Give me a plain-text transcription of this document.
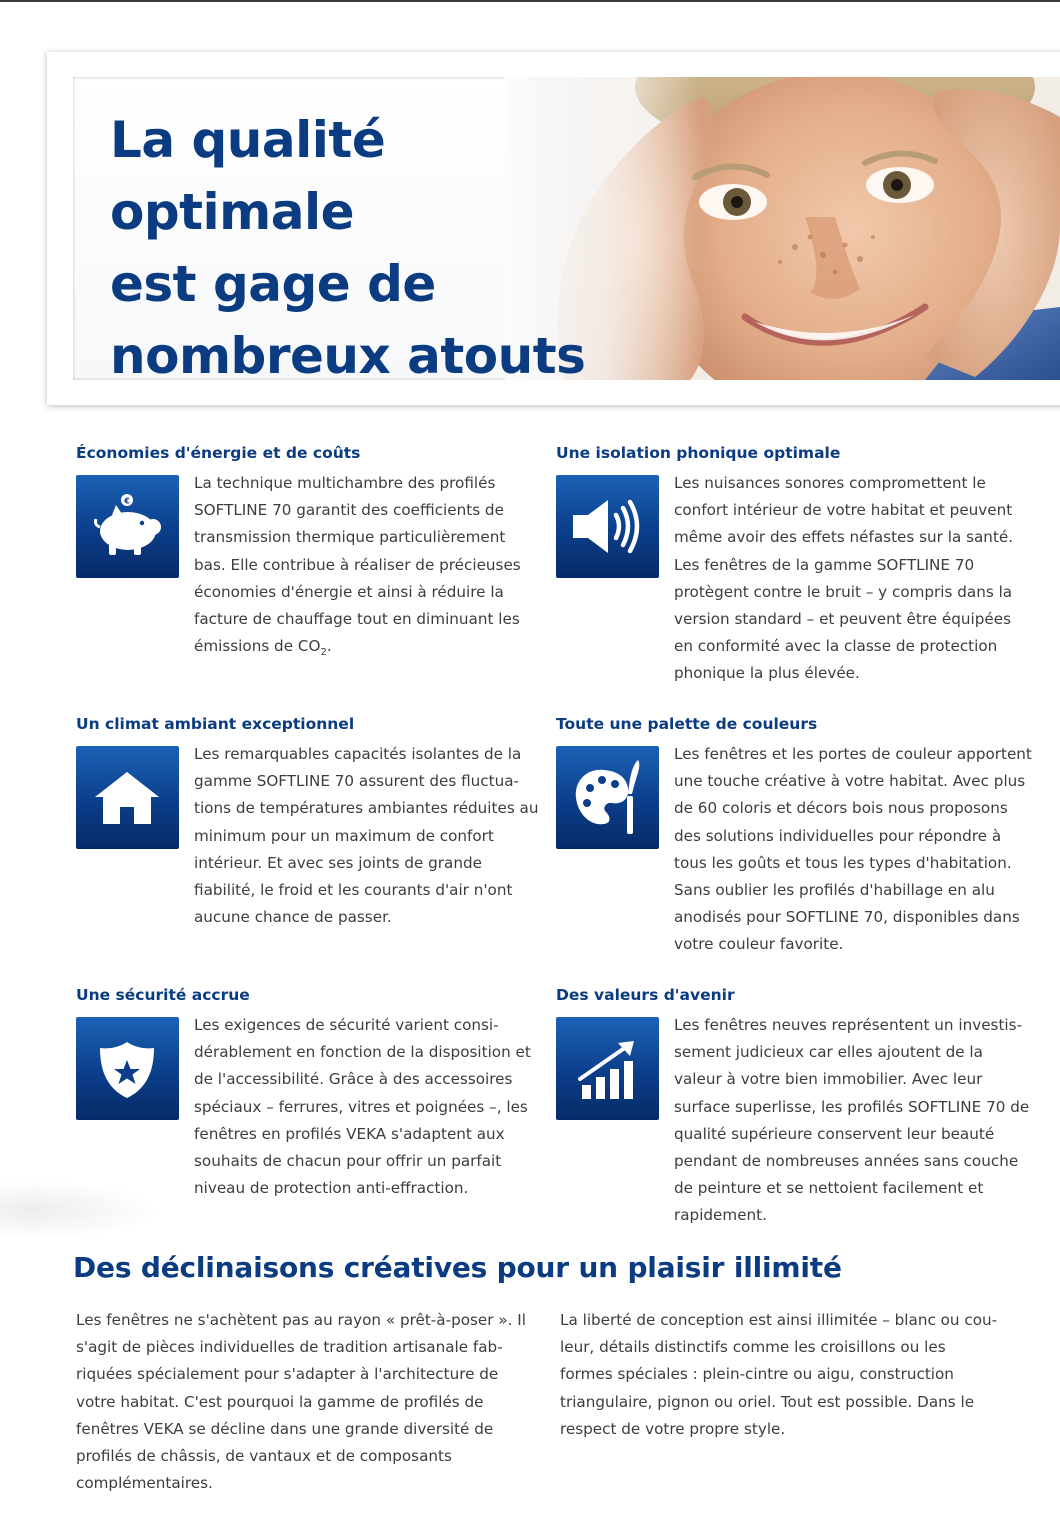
La qualité optimale
est gage de
nombreux atouts
Économies d'énergie et de coûts
€

La technique multichambre des profilés SOFTLINE 70 garantit des coefficients de transmission thermique particulièrement bas. Elle contribue à réaliser de précieuses économies d'énergie et ainsi à réduire la facture de chauffage tout en diminuant les émissions de $CO_2$.

Une isolation phonique optimale

Les nuisances sonores compromettent le confort intérieur de votre habitat et peuvent même avoir des effets néfastes sur la santé. Les fenêtres de la gamme SOFTLINE 70 protègent contre le bruit – y compris dans la version standard – et peuvent être équipées en conformité avec la classe de protection phonique la plus élevée.

Un climat ambiant exceptionnel

Les remarquables capacités isolantes de la gamme SOFTLINE 70 assurent des fluctuations de températures ambiantes réduites au minimum pour un maximum de confort intérieur. Et avec ses joints de grande fiabilité, le froid et les courants d'air n'ont aucune chance de passer.

Toute une palette de couleurs

Les fenêtres et les portes de couleur apportent une touche créative à votre habitat. Avec plus de 60 coloris et décors bois nous proposons des solutions individuelles pour répondre à tous les goûts et tous les types d'habitation. Sans oublier les profilés d'habillage en alu anodisés pour SOFTLINE 70, disponibles dans votre couleur favorite.

Une sécurité accrue

Les exigences de sécurité varient considérablement en fonction de la disposition et de l'accessibilité. Grâce à des accessoires spéciaux – ferrures, vitres et poignées –, les fenêtres en profilés VEKA s'adaptent aux souhaits de chacun pour offrir un parfait niveau de protection anti-effraction.

Des valeurs d'avenir

Les fenêtres neuves représentent un investissement judicieux car elles ajoutent de la valeur à votre bien immobilier. Avec leur surface superlisse, les profilés SOFTLINE 70 de qualité supérieure conservent leur beauté pendant de nombreuses années sans couche de peinture et se nettoient facilement et rapidement.

Des déclinaisons créatives pour un plaisir illimité

Les fenêtres ne s'achètent pas au rayon « prêt-à-poser ». Il s'agit de pièces individuelles de tradition artisanale fabriquées spécialement pour s'adapter à l'architecture de votre habitat. C'est pourquoi la gamme de profilés de fenêtres VEKA se décline dans une grande diversité de profilés de châssis, de vantaux et de composants complémentaires.

La liberté de conception est ainsi illimitée – blanc ou couleur, détails distinctifs comme les croisillons ou les formes spéciales : plein-cintre ou aigu, construction triangulaire, pignon ou oriel. Tout est possible. Dans le respect de votre propre style.
